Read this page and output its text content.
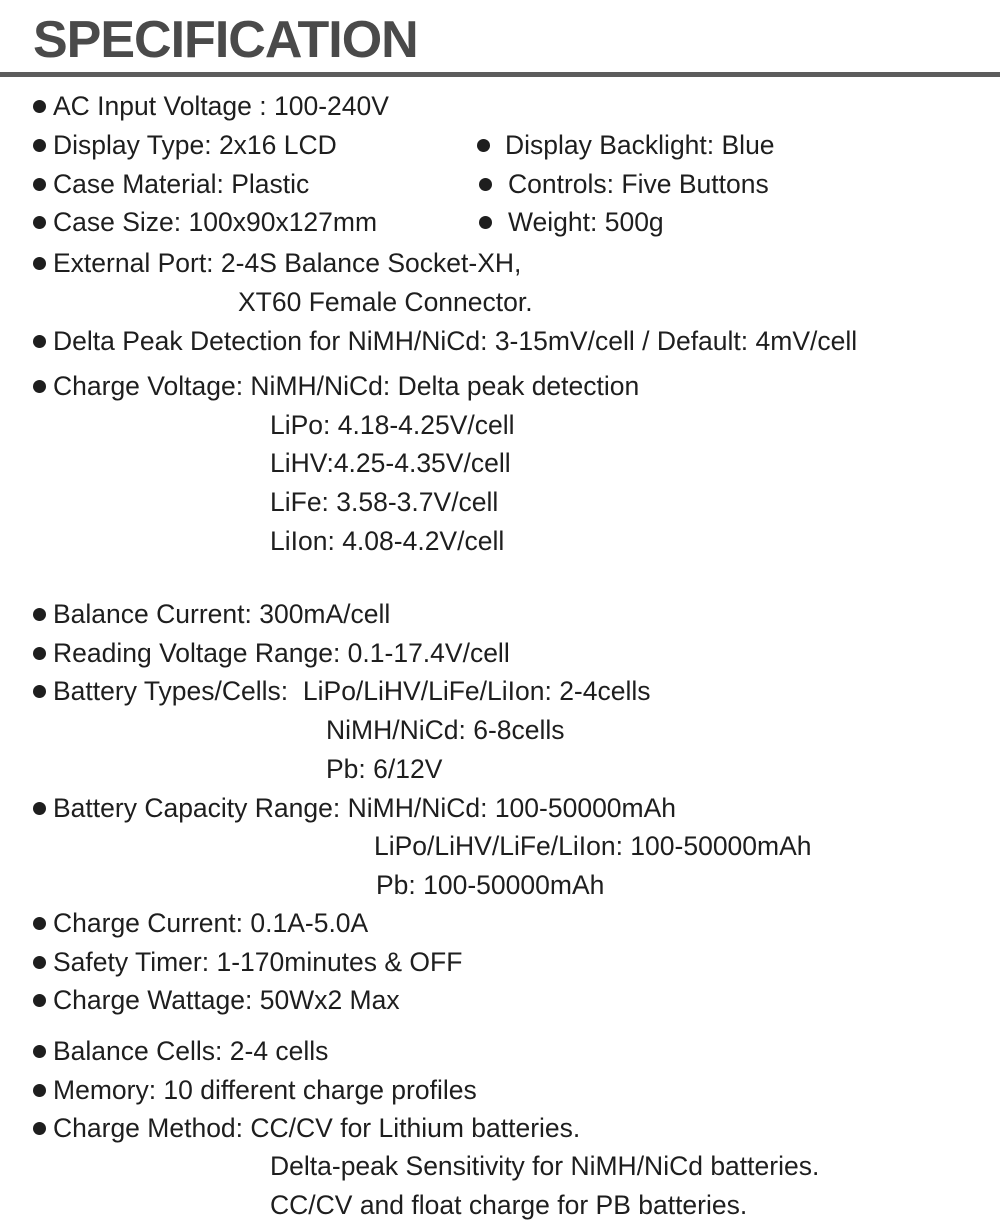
SPECIFICATION
AC Input Voltage : 100-240V
Display Type: 2x16 LCD	Display Backlight: Blue
Case Material: Plastic	Controls: Five Buttons
Case Size: 100x90x127mm	Weight: 500g
External Port: 2-4S Balance Socket-XH,
XT60 Female Connector.
Delta Peak Detection for NiMH/NiCd: 3-15mV/cell / Default: 4mV/cell
Charge Voltage: NiMH/NiCd: Delta peak detection
LiPo: 4.18-4.25V/cell
LiHV:4.25-4.35V/cell
LiFe: 3.58-3.7V/cell
LiIon: 4.08-4.2V/cell
Balance Current: 300mA/cell
Reading Voltage Range: 0.1-17.4V/cell
Battery Types/Cells:  LiPo/LiHV/LiFe/LiIon: 2-4cells
NiMH/NiCd: 6-8cells
Pb: 6/12V
Battery Capacity Range: NiMH/NiCd: 100-50000mAh
LiPo/LiHV/LiFe/LiIon: 100-50000mAh
Pb: 100-50000mAh
Charge Current: 0.1A-5.0A
Safety Timer: 1-170minutes & OFF
Charge Wattage: 50Wx2 Max
Balance Cells: 2-4 cells
Memory: 10 different charge profiles
Charge Method: CC/CV for Lithium batteries.
Delta-peak Sensitivity for NiMH/NiCd batteries.
CC/CV and float charge for PB batteries.
